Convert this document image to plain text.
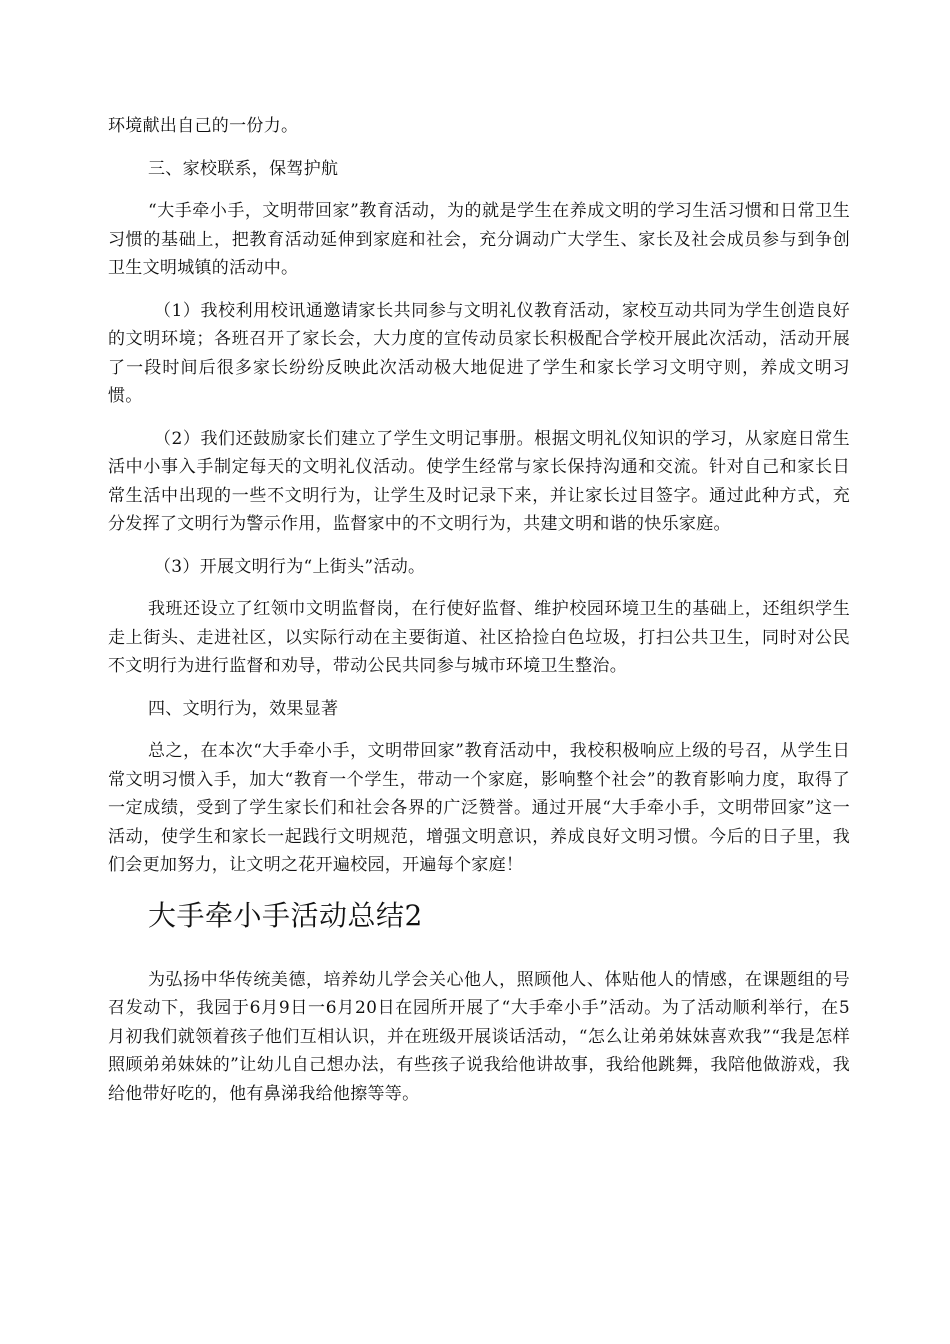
环境献出自己的一份力。

三、家校联系，保驾护航

“大手牵小手，文明带回家”教育活动，为的就是学生在养成文明的学习生活习惯和日常卫生习惯的基础上，把教育活动延伸到家庭和社会，充分调动广大学生、家长及社会成员参与到争创卫生文明城镇的活动中。

（1）我校利用校讯通邀请家长共同参与文明礼仪教育活动，家校互动共同为学生创造良好的文明环境；各班召开了家长会，大力度的宣传动员家长积极配合学校开展此次活动，活动开展了一段时间后很多家长纷纷反映此次活动极大地促进了学生和家长学习文明守则，养成文明习惯。

（2）我们还鼓励家长们建立了学生文明记事册。根据文明礼仪知识的学习，从家庭日常生活中小事入手制定每天的文明礼仪活动。使学生经常与家长保持沟通和交流。针对自己和家长日常生活中出现的一些不文明行为，让学生及时记录下来，并让家长过目签字。通过此种方式，充分发挥了文明行为警示作用，监督家中的不文明行为，共建文明和谐的快乐家庭。

（3）开展文明行为“上街头”活动。

我班还设立了红领巾文明监督岗，在行使好监督、维护校园环境卫生的基础上，还组织学生走上街头、走进社区，以实际行动在主要街道、社区拾捡白色垃圾，打扫公共卫生，同时对公民不文明行为进行监督和劝导，带动公民共同参与城市环境卫生整治。

四、文明行为，效果显著

总之，在本次“大手牵小手，文明带回家”教育活动中，我校积极响应上级的号召，从学生日常文明习惯入手，加大“教育一个学生，带动一个家庭，影响整个社会”的教育影响力度，取得了一定成绩，受到了学生家长们和社会各界的广泛赞誉。通过开展“大手牵小手，文明带回家”这一活动，使学生和家长一起践行文明规范，增强文明意识，养成良好文明习惯。今后的日子里，我们会更加努力，让文明之花开遍校园，开遍每个家庭！

大手牵小手活动总结2

为弘扬中华传统美德，培养幼儿学会关心他人，照顾他人、体贴他人的情感，在课题组的号召发动下，我园于6月9日一6月20日在园所开展了“大手牵小手”活动。为了活动顺利举行，在5月初我们就领着孩子他们互相认识，并在班级开展谈话活动，“怎么让弟弟妹妹喜欢我”“我是怎样照顾弟弟妹妹的”让幼儿自己想办法，有些孩子说我给他讲故事，我给他跳舞，我陪他做游戏，我给他带好吃的，他有鼻涕我给他擦等等。
